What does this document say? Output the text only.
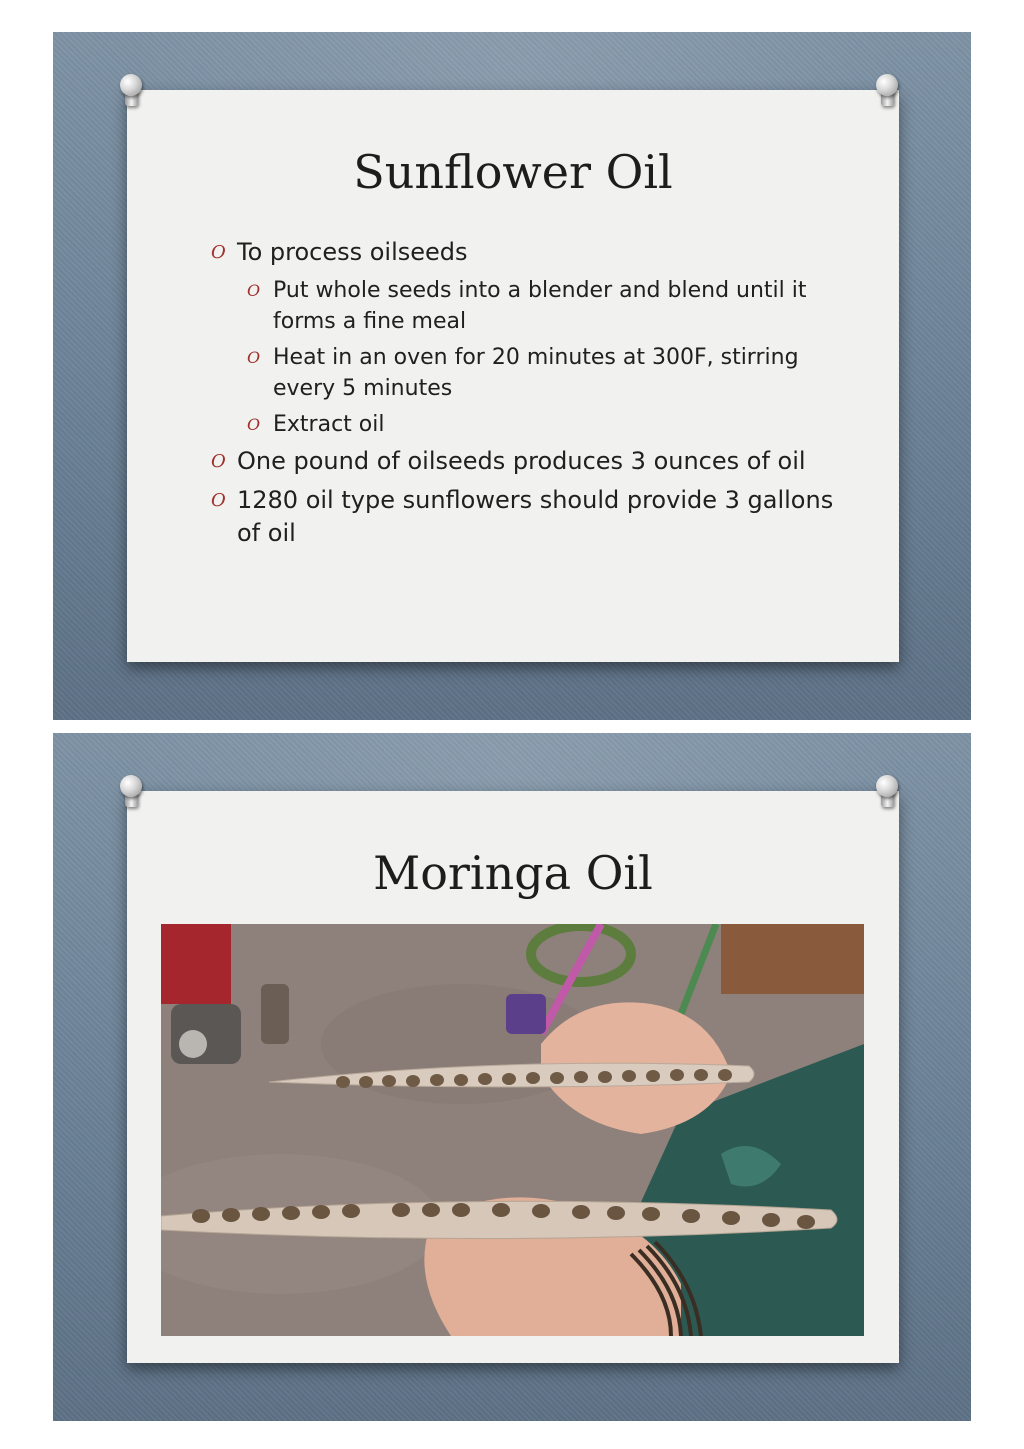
Sunflower Oil
O To process oilseeds
O Put whole seeds into a blender and blend until it forms a fine meal
O Heat in an oven for 20 minutes at 300F, stirring every 5 minutes
O Extract oil
O One pound of oilseeds produces 3 ounces of oil
O 1280 oil type sunflowers should provide 3 gallons of oil
Moringa Oil
